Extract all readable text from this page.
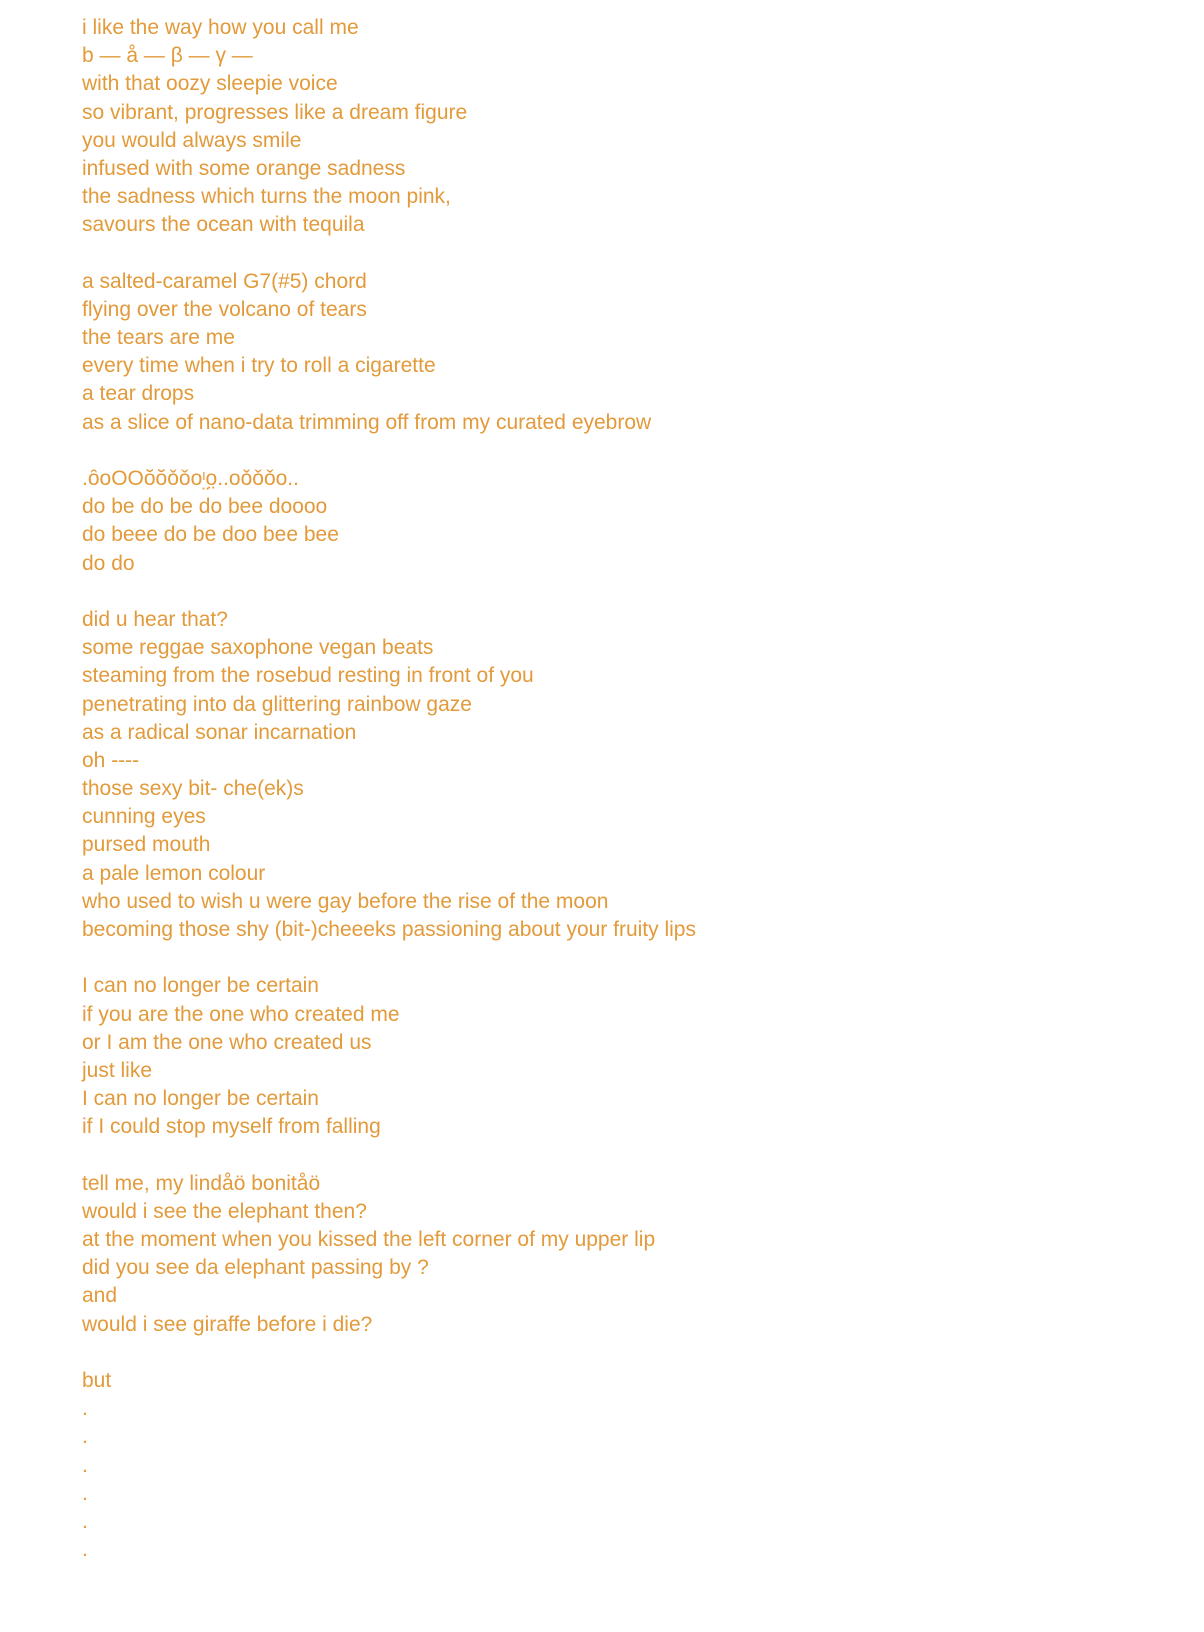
i like the way how you call me
b — å — β — γ —
with that oozy sleepie voice
so vibrant, progresses like a dream figure
you would always smile
infused with some orange sadness
the sadness which turns the moon pink,
savours the ocean with tequila
a salted-caramel G7(#5) chord
flying over the volcano of tears
the tears are me
every time when i try to roll a cigarette
a tear drops
as a slice of nano-data trimming off from my curated eyebrow
.ȏoOOŏŏǒǒoᶦ̤o̤..oǒǒǒo..
do be do be do bee doooo
do beee do be doo bee bee
do do
did u hear that?
some reggae saxophone vegan beats
steaming from the rosebud resting in front of you
penetrating into da glittering rainbow gaze
as a radical sonar incarnation
oh ----
those sexy bit- che(ek)s
cunning eyes
pursed mouth
a pale lemon colour
who used to wish u were gay before the rise of the moon
becoming those shy (bit-)cheeeks passioning about your fruity lips
I can no longer be certain
if you are the one who created me
or I am the one who created us
just like
I can no longer be certain
if I could stop myself from falling
tell me, my lindåö bonitåö
would i see the elephant then?
at the moment when you kissed the left corner of my upper lip
did you see da elephant passing by ?
and
would i see giraffe before i die?
but
.
.
.
.
.
.
